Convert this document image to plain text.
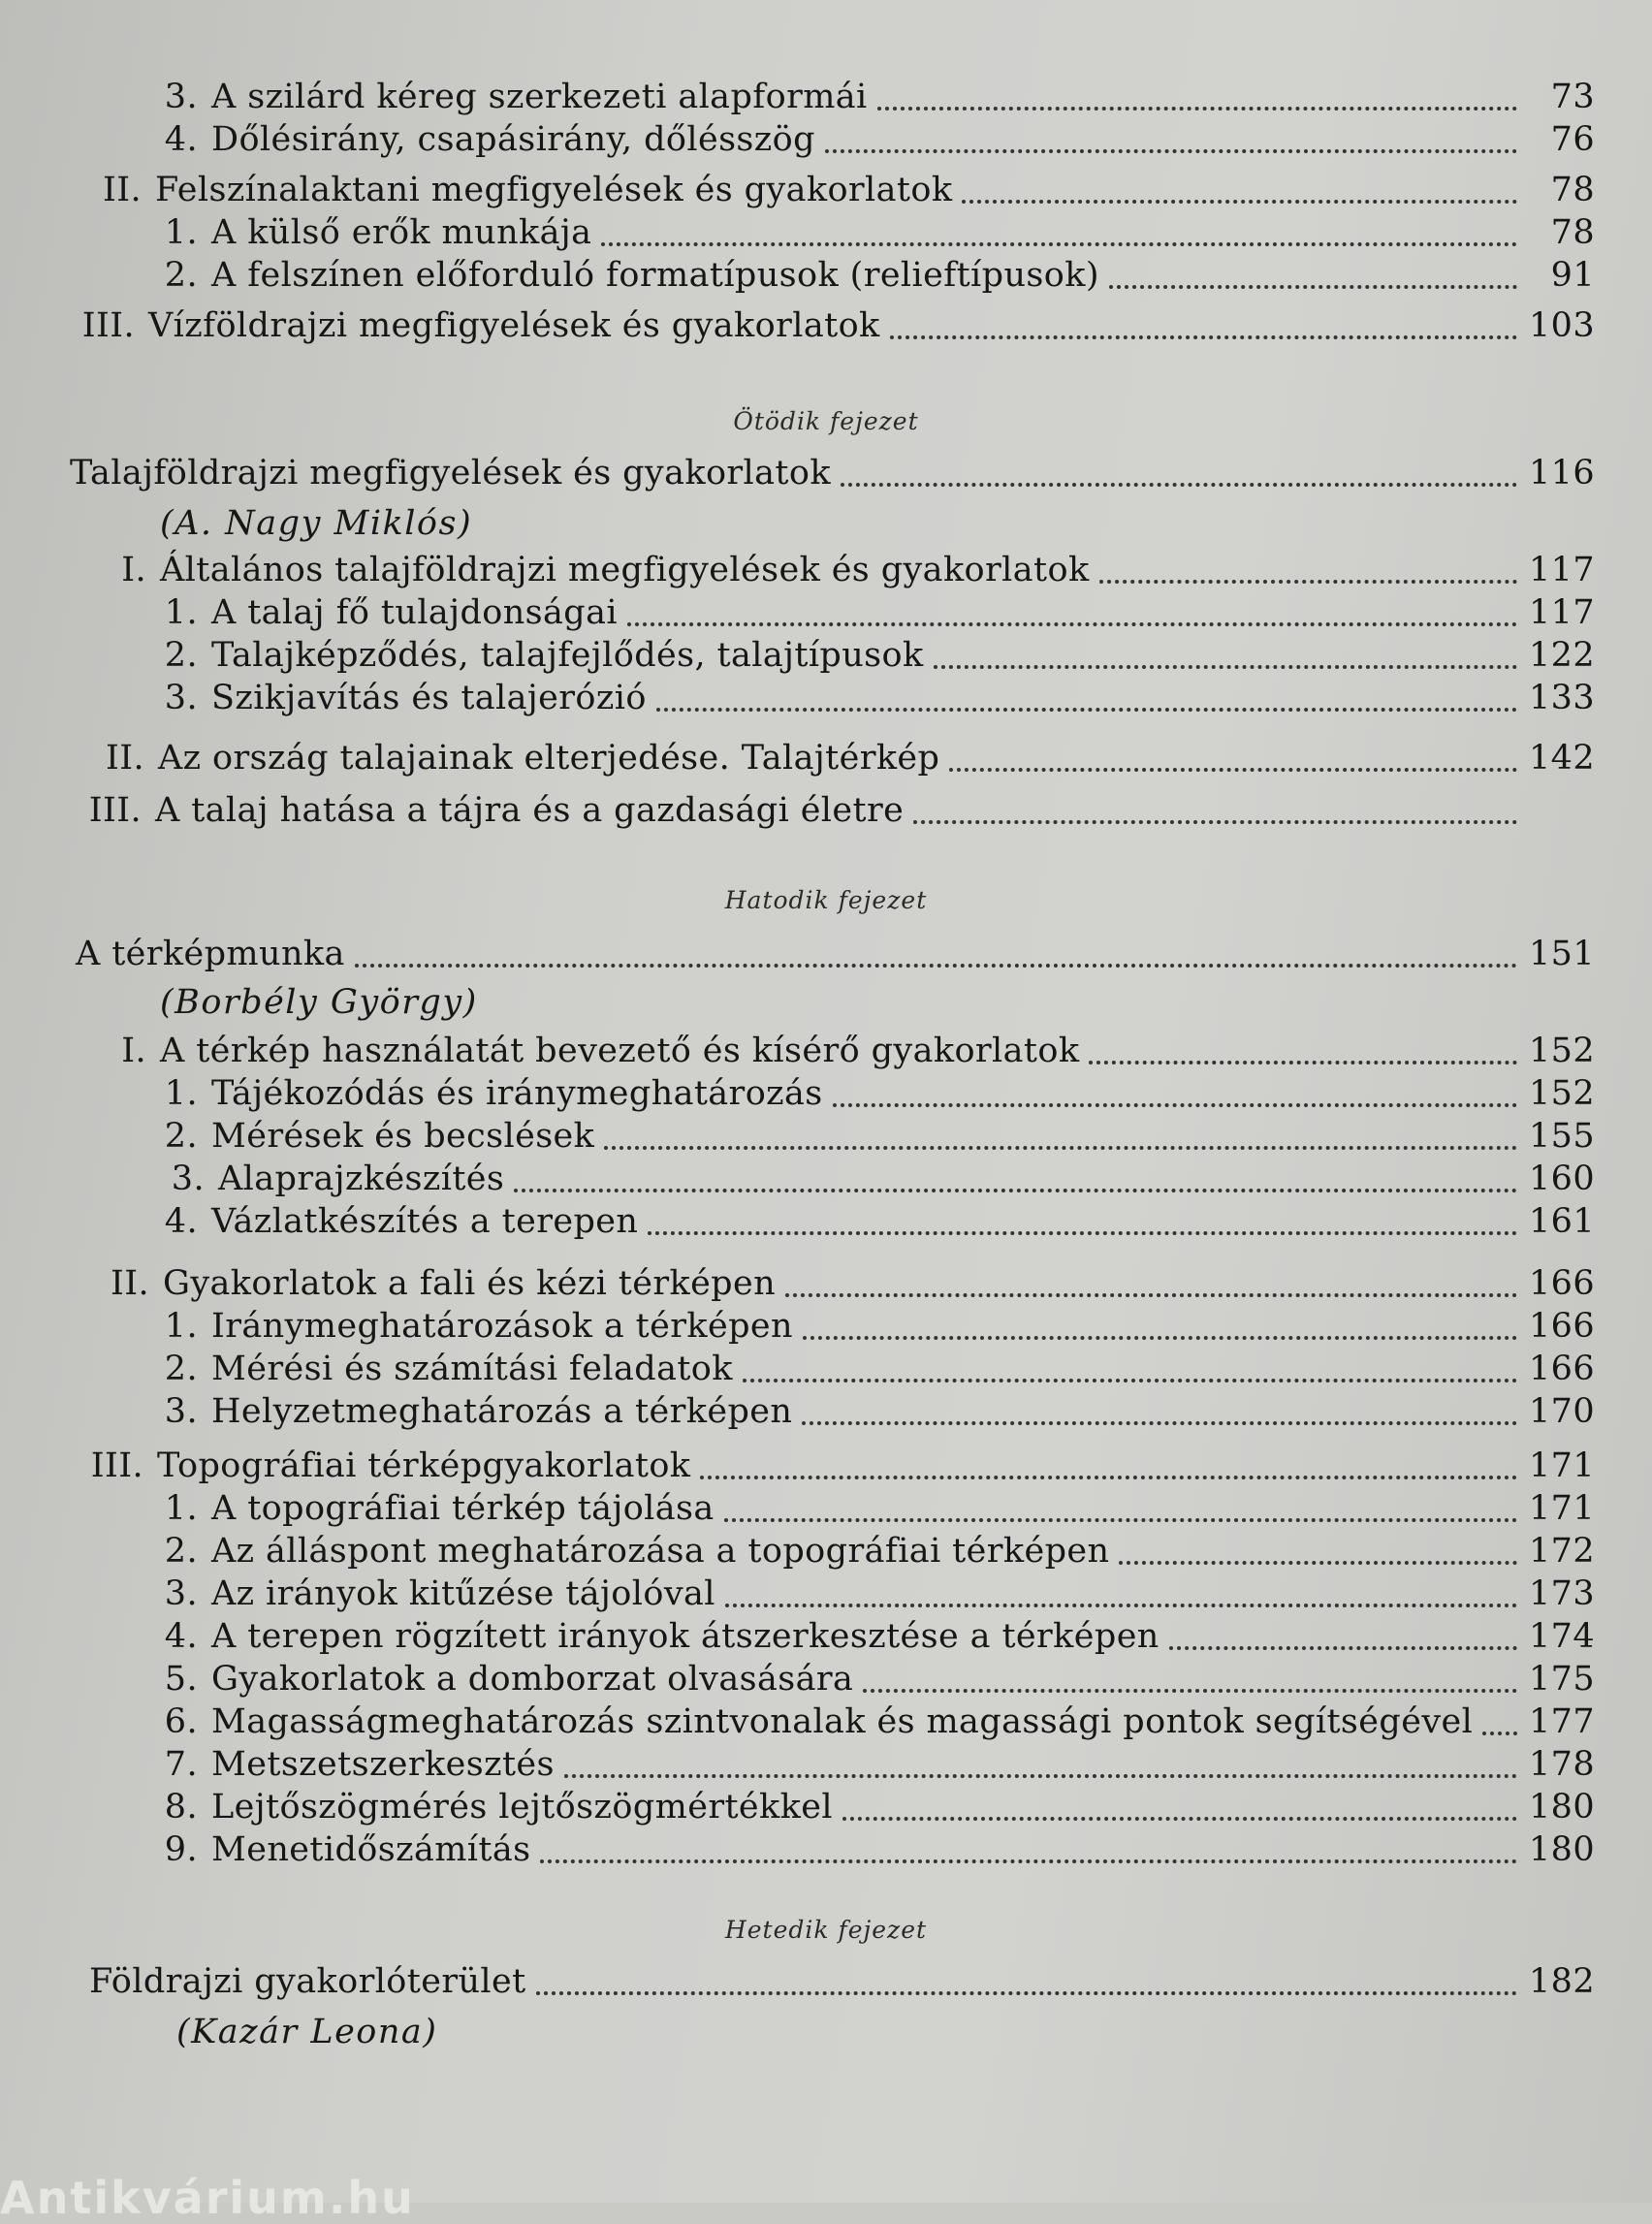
3. A szilárd kéreg szerkezeti alapformái	73
4. Dőlésirány, csapásirány, dőlésszög	76
II. Felszínalaktani megfigyelések és gyakorlatok	78
1. A külső erők munkája	78
2. A felszínen előforduló formatípusok (relieftípusok)	91
III. Vízföldrajzi megfigyelések és gyakorlatok	103
Ötödik fejezet
Talajföldrajzi megfigyelések és gyakorlatok	116
(A. Nagy Miklós)
I. Általános talajföldrajzi megfigyelések és gyakorlatok	117
1. A talaj fő tulajdonságai	117
2. Talajképződés, talajfejlődés, talajtípusok	122
3. Szikjavítás és talajerózió	133
II. Az ország talajainak elterjedése. Talajtérkép	142
III. A talaj hatása a tájra és a gazdasági életre
Hatodik fejezet
A térképmunka	151
(Borbély György)
I. A térkép használatát bevezető és kísérő gyakorlatok	152
1. Tájékozódás és iránymeghatározás	152
2. Mérések és becslések	155
3. Alaprajzkészítés	160
4. Vázlatkészítés a terepen	161
II. Gyakorlatok a fali és kézi térképen	166
1. Iránymeghatározások a térképen	166
2. Mérési és számítási feladatok	166
3. Helyzetmeghatározás a térképen	170
III. Topográfiai térképgyakorlatok	171
1. A topográfiai térkép tájolása	171
2. Az álláspont meghatározása a topográfiai térképen	172
3. Az irányok kitűzése tájolóval	173
4. A terepen rögzített irányok átszerkesztése a térképen	174
5. Gyakorlatok a domborzat olvasására	175
6. Magasságmeghatározás szintvonalak és magassági pontok segítségével 177
7. Metszetszerkesztés	178
8. Lejtőszögmérés lejtőszögmértékkel	180
9. Menetidőszámítás	180
Hetedik fejezet
Földrajzi gyakorlóterület	182
(Kazár Leona)
Antikvárium.hu
